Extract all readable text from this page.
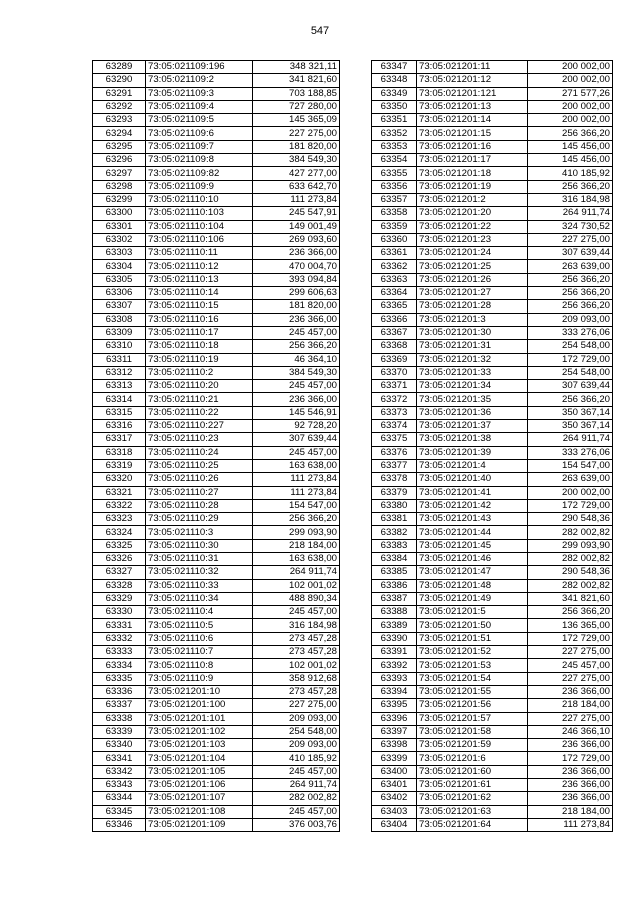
547
63289	73:05:021109:196	348 321,11
63290	73:05:021109:2	341 821,60
63291	73:05:021109:3	703 188,85
63292	73:05:021109:4	727 280,00
63293	73:05:021109:5	145 365,09
63294	73:05:021109:6	227 275,00
63295	73:05:021109:7	181 820,00
63296	73:05:021109:8	384 549,30
63297	73:05:021109:82	427 277,00
63298	73:05:021109:9	633 642,70
63299	73:05:021110:10	111 273,84
63300	73:05:021110:103	245 547,91
63301	73:05:021110:104	149 001,49
63302	73:05:021110:106	269 093,60
63303	73:05:021110:11	236 366,00
63304	73:05:021110:12	470 004,70
63305	73:05:021110:13	393 094,84
63306	73:05:021110:14	299 606,63
63307	73:05:021110:15	181 820,00
63308	73:05:021110:16	236 366,00
63309	73:05:021110:17	245 457,00
63310	73:05:021110:18	256 366,20
63311	73:05:021110:19	46 364,10
63312	73:05:021110:2	384 549,30
63313	73:05:021110:20	245 457,00
63314	73:05:021110:21	236 366,00
63315	73:05:021110:22	145 546,91
63316	73:05:021110:227	92 728,20
63317	73:05:021110:23	307 639,44
63318	73:05:021110:24	245 457,00
63319	73:05:021110:25	163 638,00
63320	73:05:021110:26	111 273,84
63321	73:05:021110:27	111 273,84
63322	73:05:021110:28	154 547,00
63323	73:05:021110:29	256 366,20
63324	73:05:021110:3	299 093,90
63325	73:05:021110:30	218 184,00
63326	73:05:021110:31	163 638,00
63327	73:05:021110:32	264 911,74
63328	73:05:021110:33	102 001,02
63329	73:05:021110:34	488 890,34
63330	73:05:021110:4	245 457,00
63331	73:05:021110:5	316 184,98
63332	73:05:021110:6	273 457,28
63333	73:05:021110:7	273 457,28
63334	73:05:021110:8	102 001,02
63335	73:05:021110:9	358 912,68
63336	73:05:021201:10	273 457,28
63337	73:05:021201:100	227 275,00
63338	73:05:021201:101	209 093,00
63339	73:05:021201:102	254 548,00
63340	73:05:021201:103	209 093,00
63341	73:05:021201:104	410 185,92
63342	73:05:021201:105	245 457,00
63343	73:05:021201:106	264 911,74
63344	73:05:021201:107	282 002,82
63345	73:05:021201:108	245 457,00
63346	73:05:021201:109	376 003,76
63347	73:05:021201:11	200 002,00
63348	73:05:021201:12	200 002,00
63349	73:05:021201:121	271 577,26
63350	73:05:021201:13	200 002,00
63351	73:05:021201:14	200 002,00
63352	73:05:021201:15	256 366,20
63353	73:05:021201:16	145 456,00
63354	73:05:021201:17	145 456,00
63355	73:05:021201:18	410 185,92
63356	73:05:021201:19	256 366,20
63357	73:05:021201:2	316 184,98
63358	73:05:021201:20	264 911,74
63359	73:05:021201:22	324 730,52
63360	73:05:021201:23	227 275,00
63361	73:05:021201:24	307 639,44
63362	73:05:021201:25	263 639,00
63363	73:05:021201:26	256 366,20
63364	73:05:021201:27	256 366,20
63365	73:05:021201:28	256 366,20
63366	73:05:021201:3	209 093,00
63367	73:05:021201:30	333 276,06
63368	73:05:021201:31	254 548,00
63369	73:05:021201:32	172 729,00
63370	73:05:021201:33	254 548,00
63371	73:05:021201:34	307 639,44
63372	73:05:021201:35	256 366,20
63373	73:05:021201:36	350 367,14
63374	73:05:021201:37	350 367,14
63375	73:05:021201:38	264 911,74
63376	73:05:021201:39	333 276,06
63377	73:05:021201:4	154 547,00
63378	73:05:021201:40	263 639,00
63379	73:05:021201:41	200 002,00
63380	73:05:021201:42	172 729,00
63381	73:05:021201:43	290 548,36
63382	73:05:021201:44	282 002,82
63383	73:05:021201:45	299 093,90
63384	73:05:021201:46	282 002,82
63385	73:05:021201:47	290 548,36
63386	73:05:021201:48	282 002,82
63387	73:05:021201:49	341 821,60
63388	73:05:021201:5	256 366,20
63389	73:05:021201:50	136 365,00
63390	73:05:021201:51	172 729,00
63391	73:05:021201:52	227 275,00
63392	73:05:021201:53	245 457,00
63393	73:05:021201:54	227 275,00
63394	73:05:021201:55	236 366,00
63395	73:05:021201:56	218 184,00
63396	73:05:021201:57	227 275,00
63397	73:05:021201:58	246 366,10
63398	73:05:021201:59	236 366,00
63399	73:05:021201:6	172 729,00
63400	73:05:021201:60	236 366,00
63401	73:05:021201:61	236 366,00
63402	73:05:021201:62	236 366,00
63403	73:05:021201:63	218 184,00
63404	73:05:021201:64	111 273,84
